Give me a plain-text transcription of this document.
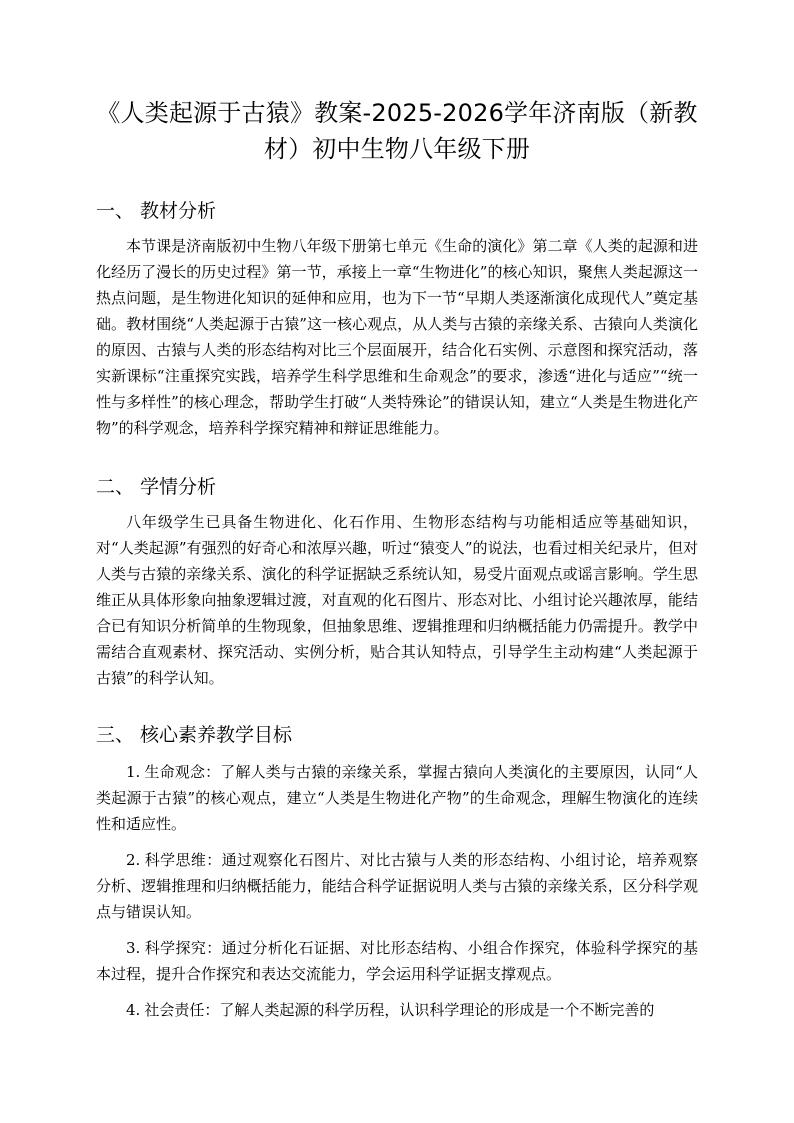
《人类起源于古猿》教案-2025-2026学年济南版（新教材）初中生物八年级下册
一、 教材分析

本节课是济南版初中生物八年级下册第七单元《生命的演化》第二章《人类的起源和进化经历了漫长的历史过程》第一节，承接上一章“生物进化”的核心知识，聚焦人类起源这一热点问题，是生物进化知识的延伸和应用，也为下一节“早期人类逐渐演化成现代人”奠定基础。教材围绕“人类起源于古猿”这一核心观点，从人类与古猿的亲缘关系、古猿向人类演化的原因、古猿与人类的形态结构对比三个层面展开，结合化石实例、示意图和探究活动，落实新课标“注重探究实践，培养学生科学思维和生命观念”的要求，渗透“进化与适应”“统一性与多样性”的核心理念，帮助学生打破“人类特殊论”的错误认知，建立“人类是生物进化产物”的科学观念，培养科学探究精神和辩证思维能力。

二、 学情分析

八年级学生已具备生物进化、化石作用、生物形态结构与功能相适应等基础知识，对“人类起源”有强烈的好奇心和浓厚兴趣，听过“猿变人”的说法，也看过相关纪录片，但对人类与古猿的亲缘关系、演化的科学证据缺乏系统认知，易受片面观点或谣言影响。学生思维正从具体形象向抽象逻辑过渡，对直观的化石图片、形态对比、小组讨论兴趣浓厚，能结合已有知识分析简单的生物现象，但抽象思维、逻辑推理和归纳概括能力仍需提升。教学中需结合直观素材、探究活动、实例分析，贴合其认知特点，引导学生主动构建“人类起源于古猿”的科学认知。

三、 核心素养教学目标

1. 生命观念：了解人类与古猿的亲缘关系，掌握古猿向人类演化的主要原因，认同“人类起源于古猿”的核心观点，建立“人类是生物进化产物”的生命观念，理解生物演化的连续性和适应性。

2. 科学思维：通过观察化石图片、对比古猿与人类的形态结构、小组讨论，培养观察分析、逻辑推理和归纳概括能力，能结合科学证据说明人类与古猿的亲缘关系，区分科学观点与错误认知。

3. 科学探究：通过分析化石证据、对比形态结构、小组合作探究，体验科学探究的基本过程，提升合作探究和表达交流能力，学会运用科学证据支撑观点。

4. 社会责任：了解人类起源的科学历程，认识科学理论的形成是一个不断完善的
